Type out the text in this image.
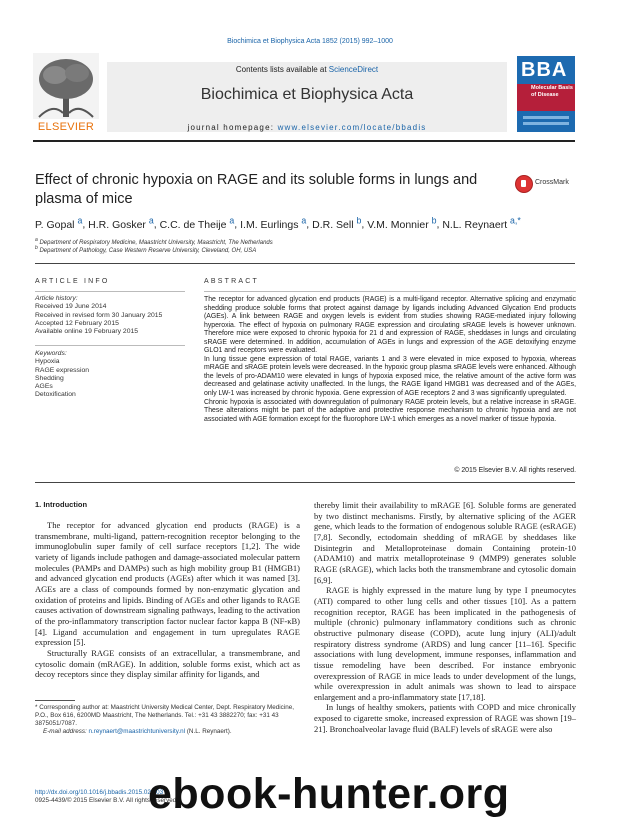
Biochimica et Biophysica Acta 1852 (2015) 992–1000
ELSEVIER
Contents lists available at ScienceDirect
Biochimica et Biophysica Acta
journal homepage: www.elsevier.com/locate/bbadis
BBA
Molecular Basis of Disease
Effect of chronic hypoxia on RAGE and its soluble forms in lungs and plasma of mice
CrossMark
P. Gopal $^a$, H.R. Gosker $^a$, C.C. de Theije $^a$, I.M. Eurlings $^a$, D.R. Sell $^b$, V.M. Monnier $^b$, N.L. Reynaert $^{a,*}$
$^a$ Department of Respiratory Medicine, Maastricht University, Maastricht, The Netherlands
$^b$ Department of Pathology, Case Western Reserve University, Cleveland, OH, USA
ARTICLE INFO
Article history:
Received 19 June 2014
Received in revised form 30 January 2015
Accepted 12 February 2015
Available online 19 February 2015
Keywords:
Hypoxia
RAGE expression
Shedding
AGEs
Detoxification
ABSTRACT

The receptor for advanced glycation end products (RAGE) is a multi-ligand receptor. Alternative splicing and enzymatic shedding produce soluble forms that protect against damage by ligands including Advanced Glycation End products (AGEs). A link between RAGE and oxygen levels is evident from studies showing RAGE-mediated injury following hyperoxia. The effect of hypoxia on pulmonary RAGE expression and circulating sRAGE levels is however unknown. Therefore mice were exposed to chronic hypoxia for 21 d and expression of RAGE, sheddases in lungs and circulating sRAGE were determined. In addition, accumulation of AGEs in lungs and expression of the AGE detoxifying enzyme GLO1 and receptors were evaluated.

In lung tissue gene expression of total RAGE, variants 1 and 3 were elevated in mice exposed to hypoxia, whereas mRAGE and sRAGE protein levels were decreased. In the hypoxic group plasma sRAGE levels were enhanced. Although the levels of pro-ADAM10 were elevated in lungs of hypoxia exposed mice, the relative amount of the active form was decreased and gelatinase activity unaffected. In the lungs, the RAGE ligand HMGB1 was decreased and of the AGEs, only LW-1 was increased by chronic hypoxia. Gene expression of AGE receptors 2 and 3 was significantly upregulated.

Chronic hypoxia is associated with downregulation of pulmonary RAGE protein levels, but a relative increase in sRAGE. These alterations might be part of the adaptive and protective response mechanism to chronic hypoxia and are not associated with AGE formation except for the fluorophore LW-1 which emerges as a novel marker of tissue hypoxia.

© 2015 Elsevier B.V. All rights reserved.
1. Introduction

The receptor for advanced glycation end products (RAGE) is a transmembrane, multi-ligand, pattern-recognition receptor belonging to the immunoglobulin super family of cell surface receptors [1,2]. The wide variety of ligands include pathogen and damage-associated molecular pattern molecules (PAMPs and DAMPs) such as high mobility group B1 (HMGB1) and advanced glycation end products (AGEs) after which it was named [3]. AGEs are a class of compounds formed by non-enzymatic glycation and oxidation of proteins and lipids. Binding of AGEs and other ligands to RAGE causes activation of downstream signaling pathways, leading to the activation of the pro-inflammatory transcription factor nuclear factor kappa B (NF-κB) [4]. Ligand accumulation and engagement in turn upregulates RAGE expression [5].

Structurally RAGE consists of an extracellular, a transmembrane, and cytosolic domain (mRAGE). In addition, soluble forms exist, which act as decoy receptors since they display similar affinity for ligands, and

thereby limit their availability to mRAGE [6]. Soluble forms are generated by two distinct mechanisms. Firstly, by alternative splicing of the AGER gene, which leads to the formation of endogenous soluble RAGE (esRAGE) [7,8]. Secondly, ectodomain shedding of mRAGE by sheddases like Disintegrin and Metalloproteinase domain Containing protein-10 (ADAM10) and matrix metalloproteinase 9 (MMP9) generates soluble RAGE (sRAGE), which lacks both the transmembrane and cytosolic domain [6,9].

RAGE is highly expressed in the mature lung by type I pneumocytes (ATI) compared to other lung cells and other tissues [10]. As a pattern recognition receptor, RAGE has been implicated in the pathogenesis of multiple (chronic) pulmonary inflammatory conditions such as chronic obstructive pulmonary disease (COPD), acute lung injury (ALI)/adult respiratory distress syndrome (ARDS) and lung cancer [11–16]. Specific associations with lung development, immune responses, inflammation and tissue remodeling have been described. For instance embryonic overexpression of RAGE in mice leads to under development of the lungs, while overexpression in adult animals was shown to lead to airspace enlargement and a pro-inflammatory state [17,18].

In lungs of healthy smokers, patients with COPD and mice chronically exposed to cigarette smoke, increased expression of RAGE was shown [19–21]. Bronchoalveolar lavage fluid (BALF) levels of sRAGE were also

* Corresponding author at: Maastricht University Medical Center, Dept. Respiratory Medicine, P.O., Box 616, 6200MD Maastricht, The Netherlands. Tel.: +31 43 3882270; fax: +31 43 3875051/7087.
E-mail address: n.reynaert@maastrichtuniversity.nl (N.L. Reynaert).
http://dx.doi.org/10.1016/j.bbadis.2015.02.003
0925-4439/© 2015 Elsevier B.V. All rights reserved.
ebook-hunter.org
